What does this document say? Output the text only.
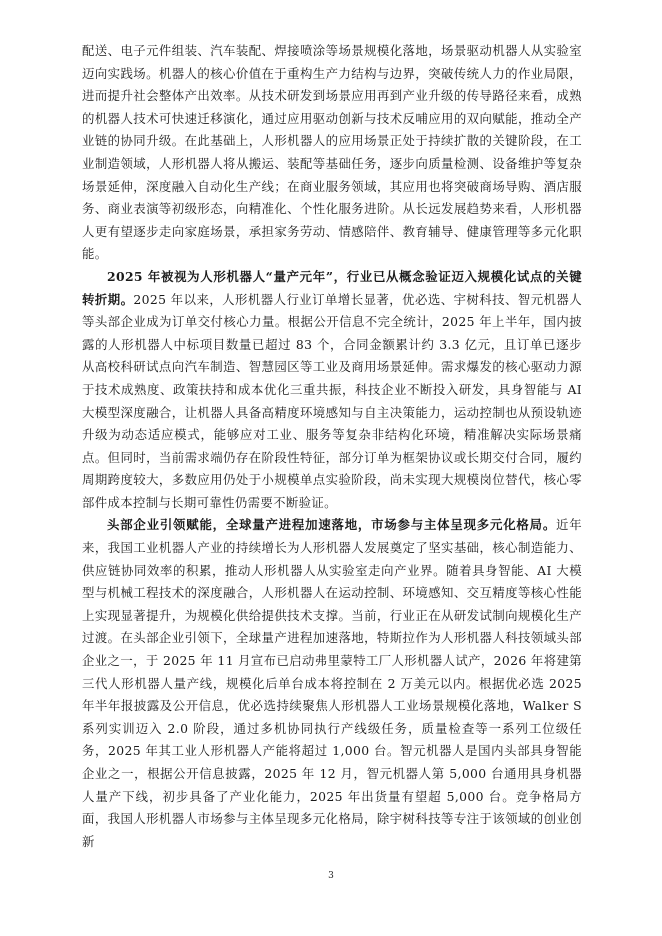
配送、电子元件组装、汽车装配、焊接喷涂等场景规模化落地，场景驱动机器人从实验室迈向实践场。机器人的核心价值在于重构生产力结构与边界，突破传统人力的作业局限，进而提升社会整体产出效率。从技术研发到场景应用再到产业升级的传导路径来看，成熟的机器人技术可快速迁移演化，通过应用驱动创新与技术反哺应用的双向赋能，推动全产业链的协同升级。在此基础上，人形机器人的应用场景正处于持续扩散的关键阶段，在工业制造领域，人形机器人将从搬运、装配等基础任务，逐步向质量检测、设备维护等复杂场景延伸，深度融入自动化生产线；在商业服务领域，其应用也将突破商场导购、酒店服务、商业表演等初级形态，向精准化、个性化服务进阶。从长远发展趋势来看，人形机器人更有望逐步走向家庭场景，承担家务劳动、情感陪伴、教育辅导、健康管理等多元化职能。

2025 年被视为人形机器人“量产元年”，行业已从概念验证迈入规模化试点的关键转折期。2025 年以来，人形机器人行业订单增长显著，优必选、宇树科技、智元机器人等头部企业成为订单交付核心力量。根据公开信息不完全统计，2025 年上半年，国内披露的人形机器人中标项目数量已超过 83 个，合同金额累计约 3.3 亿元，且订单已逐步从高校科研试点向汽车制造、智慧园区等工业及商用场景延伸。需求爆发的核心驱动力源于技术成熟度、政策扶持和成本优化三重共振，科技企业不断投入研发，具身智能与 AI 大模型深度融合，让机器人具备高精度环境感知与自主决策能力，运动控制也从预设轨迹升级为动态适应模式，能够应对工业、服务等复杂非结构化环境，精准解决实际场景痛点。但同时，当前需求端仍存在阶段性特征，部分订单为框架协议或长期交付合同，履约周期跨度较大，多数应用仍处于小规模单点实验阶段，尚未实现大规模岗位替代，核心零部件成本控制与长期可靠性仍需要不断验证。

头部企业引领赋能，全球量产进程加速落地，市场参与主体呈现多元化格局。近年来，我国工业机器人产业的持续增长为人形机器人发展奠定了坚实基础，核心制造能力、供应链协同效率的积累，推动人形机器人从实验室走向产业界。随着具身智能、AI 大模型与机械工程技术的深度融合，人形机器人在运动控制、环境感知、交互精度等核心性能上实现显著提升，为规模化供给提供技术支撑。当前，行业正在从研发试制向规模化生产过渡。在头部企业引领下，全球量产进程加速落地，特斯拉作为人形机器人科技领域头部企业之一，于 2025 年 11 月宣布已启动弗里蒙特工厂人形机器人试产，2026 年将建第三代人形机器人量产线，规模化后单台成本将控制在 2 万美元以内。根据优必选 2025 年半年报披露及公开信息，优必选持续聚焦人形机器人工业场景规模化落地，Walker S 系列实训迈入 2.0 阶段，通过多机协同执行产线级任务，质量检查等一系列工位级任务，2025 年其工业人形机器人产能将超过 1,000 台。智元机器人是国内头部具身智能企业之一，根据公开信息披露，2025 年 12 月，智元机器人第 5,000 台通用具身机器人量产下线，初步具备了产业化能力，2025 年出货量有望超 5,000 台。竞争格局方面，我国人形机器人市场参与主体呈现多元化格局，除宇树科技等专注于该领域的创业创新

3
